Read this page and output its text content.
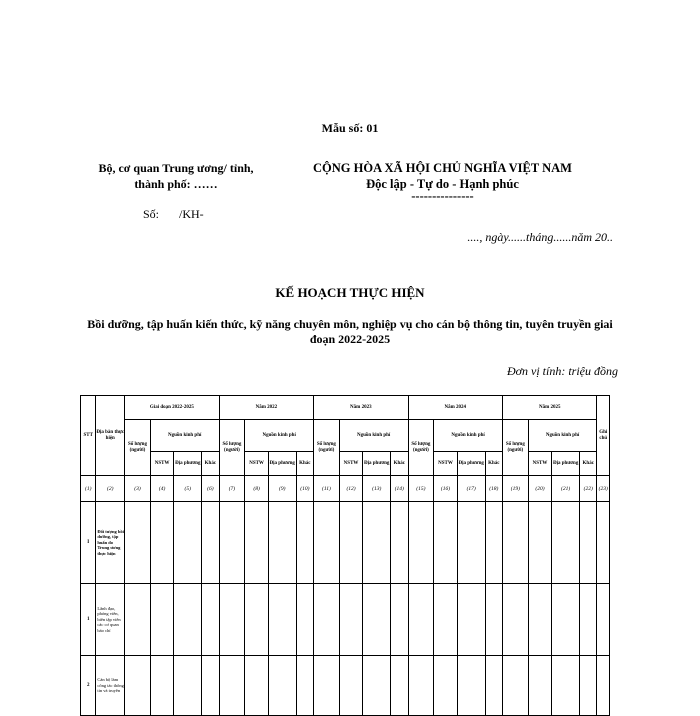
Mẫu số: 01
Bộ, cơ quan Trung ương/ tỉnh,
thành phố: ……
CỘNG HÒA XÃ HỘI CHỦ NGHĨA VIỆT NAM
Độc lập - Tự do - Hạnh phúc
---------------
Số: /KH-
...., ngày......tháng......năm 20..
KẾ HOẠCH THỰC HIỆN
Bồi dưỡng, tập huấn kiến thức, kỹ năng chuyên môn, nghiệp vụ cho cán bộ thông tin, tuyên truyền giai đoạn 2022-2025
Đơn vị tính: triệu đồng
STT	Địa bàn thực hiện	Giai đoạn 2022-2025				Năm 2022				Năm 2023				Năm 2024				Năm 2025				Ghi chú
		Số lượng (người)	Nguồn kinh phí			Số lượng (người)	Nguồn kinh phí			Số lượng (người)	Nguồn kinh phí			Số lượng (người)	Nguồn kinh phí			Số lượng (người)	Nguồn kinh phí			
			NSTW	Địa phương	Khác		NSTW	Địa phương	Khác		NSTW	Địa phương	Khác		NSTW	Địa phương	Khác		NSTW	Địa phương	Khác	
(1)	(2)	(3)	(4)	(5)	(6)	(7)	(8)	(9)	(10)	(11)	(12)	(13)	(14)	(15)	(16)	(17)	(18)	(19)	(20)	(21)	(22)	(23)
I	Đối tượng bồi dưỡng, tập huấn do Trung ương thực hiện																					
1	Lãnh đạo, phóng viên, biên tập viên các cơ quan báo chí																					
2	Cán bộ làm công tác thông tin và truyền																					
